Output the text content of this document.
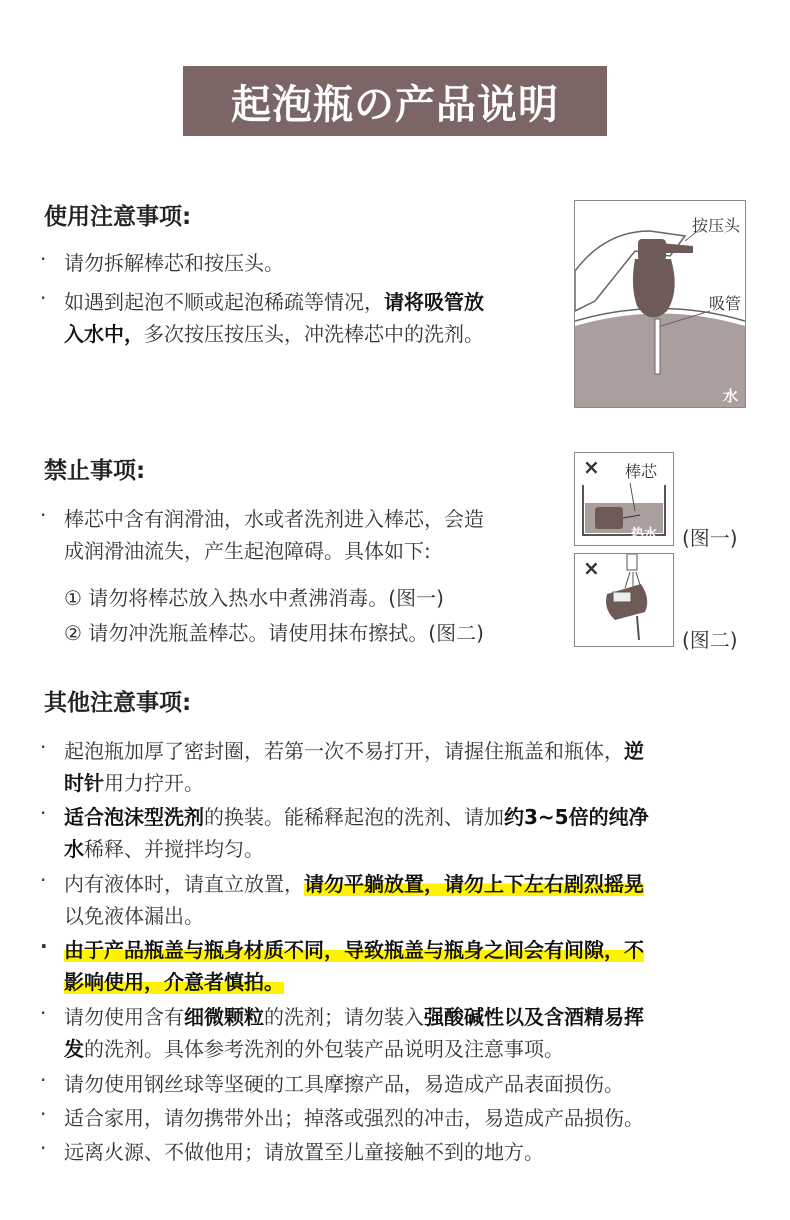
起泡瓶の产品说明
使用注意事项:
· 请勿拆解棒芯和按压头。
· 如遇到起泡不顺或起泡稀疏等情况，请将吸管放
入水中，多次按压按压头，冲洗棒芯中的洗剂。
按压头
吸管
水
禁止事项:
· 棒芯中含有润滑油，水或者洗剂进入棒芯，会造
成润滑油流失，产生起泡障碍。具体如下:
① 请勿将棒芯放入热水中煮沸消毒。(图一)
② 请勿冲洗瓶盖棒芯。请使用抹布擦拭。(图二)
× 棒芯
热水 (图一)
×
(图二)
其他注意事项:
· 起泡瓶加厚了密封圈，若第一次不易打开，请握住瓶盖和瓶体，逆
时针用力拧开。
· 适合泡沫型洗剂的换装。能稀释起泡的洗剂、请加约3~5倍的纯净
水稀释、并搅拌均匀。
· 内有液体时，请直立放置，请勿平躺放置，请勿上下左右剧烈摇晃
以免液体漏出。
· 由于产品瓶盖与瓶身材质不同，导致瓶盖与瓶身之间会有间隙，不
影响使用，介意者慎拍。
· 请勿使用含有细微颗粒的洗剂；请勿装入强酸碱性以及含酒精易挥
发的洗剂。具体参考洗剂的外包装产品说明及注意事项。
· 请勿使用钢丝球等坚硬的工具摩擦产品，易造成产品表面损伤。
· 适合家用，请勿携带外出；掉落或强烈的冲击，易造成产品损伤。
· 远离火源、不做他用；请放置至儿童接触不到的地方。
